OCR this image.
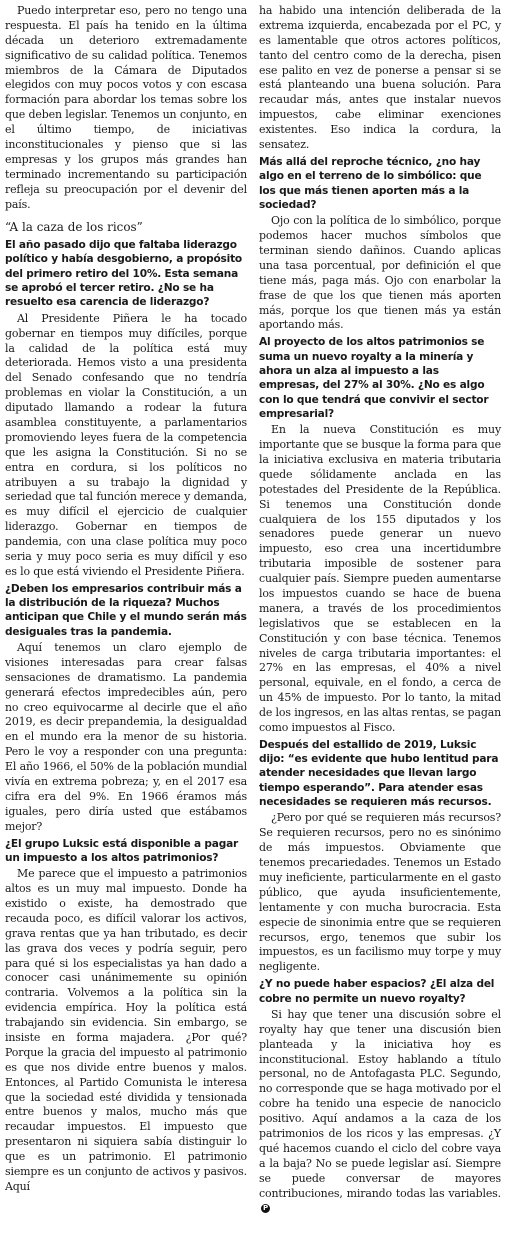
Puedo interpretar eso, pero no tengo una respuesta. El país ha tenido en la última década un deterioro extremadamente significativo de su calidad política. Tenemos miembros de la Cámara de Diputados elegidos con muy pocos votos y con escasa formación para abordar los temas sobre los que deben legislar. Tenemos un conjunto, en el último tiempo, de iniciativas inconstitucionales y pienso que si las empresas y los grupos más grandes han terminado incrementando su participación refleja su preocupación por el devenir del país.

“A la caza de los ricos”

El año pasado dijo que faltaba liderazgo político y había desgobierno, a propósito del primero retiro del 10%. Esta semana se aprobó el tercer retiro. ¿No se ha resuelto esa carencia de liderazgo?

Al Presidente Piñera le ha tocado gobernar en tiempos muy difíciles, porque la calidad de la política está muy deteriorada. Hemos visto a una presidenta del Senado confesando que no tendría problemas en violar la Constitución, a un diputado llamando a rodear la futura asamblea constituyente, a parlamentarios promoviendo leyes fuera de la competencia que les asigna la Constitución. Si no se entra en cordura, si los políticos no atribuyen a su trabajo la dignidad y seriedad que tal función merece y demanda, es muy difícil el ejercicio de cualquier liderazgo. Gobernar en tiempos de pandemia, con una clase política muy poco seria y muy poco seria es muy difícil y eso es lo que está viviendo el Presidente Piñera.

¿Deben los empresarios contribuir más a la distribución de la riqueza? Muchos anticipan que Chile y el mundo serán más desiguales tras la pandemia.

Aquí tenemos un claro ejemplo de visiones interesadas para crear falsas sensaciones de dramatismo. La pandemia generará efectos impredecibles aún, pero no creo equivocarme al decirle que el año 2019, es decir prepandemia, la desigualdad en el mundo era la menor de su historia. Pero le voy a responder con una pregunta: El año 1966, el 50% de la población mundial vivía en extrema pobreza; y, en el 2017 esa cifra era del 9%. En 1966 éramos más iguales, pero diría usted que estábamos mejor?

¿El grupo Luksic está disponible a pagar un impuesto a los altos patrimonios?

Me parece que el impuesto a patrimonios altos es un muy mal impuesto. Donde ha existido o existe, ha demostrado que recauda poco, es difícil valorar los activos, grava rentas que ya han tributado, es decir las grava dos veces y podría seguir, pero para qué si los especialistas ya han dado a conocer casi unánimemente su opinión contraria. Volvemos a la política sin la evidencia empírica. Hoy la política está trabajando sin evidencia. Sin embargo, se insiste en forma majadera. ¿Por qué? Porque la gracia del impuesto al patrimonio es que nos divide entre buenos y malos. Entonces, al Partido Comunista le interesa que la sociedad esté dividida y tensionada entre buenos y malos, mucho más que recaudar impuestos. El impuesto que presentaron ni siquiera sabía distinguir lo que es un patrimonio. El patrimonio siempre es un conjunto de activos y pasivos. Aquí

ha habido una intención deliberada de la extrema izquierda, encabezada por el PC, y es lamentable que otros actores políticos, tanto del centro como de la derecha, pisen ese palito en vez de ponerse a pensar si se está planteando una buena solución. Para recaudar más, antes que instalar nuevos impuestos, cabe eliminar exenciones existentes. Eso indica la cordura, la sensatez.

Más allá del reproche técnico, ¿no hay algo en el terreno de lo simbólico: que los que más tienen aporten más a la sociedad?

Ojo con la política de lo simbólico, porque podemos hacer muchos símbolos que terminan siendo dañinos. Cuando aplicas una tasa porcentual, por definición el que tiene más, paga más. Ojo con enarbolar la frase de que los que tienen más aporten más, porque los que tienen más ya están aportando más.

Al proyecto de los altos patrimonios se suma un nuevo royalty a la minería y ahora un alza al impuesto a las empresas, del 27% al 30%. ¿No es algo con lo que tendrá que convivir el sector empresarial?

En la nueva Constitución es muy importante que se busque la forma para que la iniciativa exclusiva en materia tributaria quede sólidamente anclada en las potestades del Presidente de la República. Si tenemos una Constitución donde cualquiera de los 155 diputados y los senadores puede generar un nuevo impuesto, eso crea una incertidumbre tributaria imposible de sostener para cualquier país. Siempre pueden aumentarse los impuestos cuando se hace de buena manera, a través de los procedimientos legislativos que se establecen en la Constitución y con base técnica. Tenemos niveles de carga tributaria importantes: el 27% en las empresas, el 40% a nivel personal, equivale, en el fondo, a cerca de un 45% de impuesto. Por lo tanto, la mitad de los ingresos, en las altas rentas, se pagan como impuestos al Fisco.

Después del estallido de 2019, Luksic dijo: “es evidente que hubo lentitud para atender necesidades que llevan largo tiempo esperando”. Para atender esas necesidades se requieren más recursos.

¿Pero por qué se requieren más recursos? Se requieren recursos, pero no es sinónimo de más impuestos. Obviamente que tenemos precariedades. Tenemos un Estado muy ineficiente, particularmente en el gasto público, que ayuda insuficientemente, lentamente y con mucha burocracia. Esta especie de sinonimia entre que se requieren recursos, ergo, tenemos que subir los impuestos, es un facilismo muy torpe y muy negligente.

¿Y no puede haber espacios? ¿El alza del cobre no permite un nuevo royalty?

Si hay que tener una discusión sobre el royalty hay que tener una discusión bien planteada y la iniciativa hoy es inconstitucional. Estoy hablando a título personal, no de Antofagasta PLC. Segundo, no corresponde que se haga motivado por el cobre ha tenido una especie de nanociclo positivo. Aquí andamos a la caza de los patrimonios de los ricos y las empresas. ¿Y qué hacemos cuando el ciclo del cobre vaya a la baja? No se puede legislar así. Siempre se puede conversar de mayores contribuciones, mirando todas las variables.P
